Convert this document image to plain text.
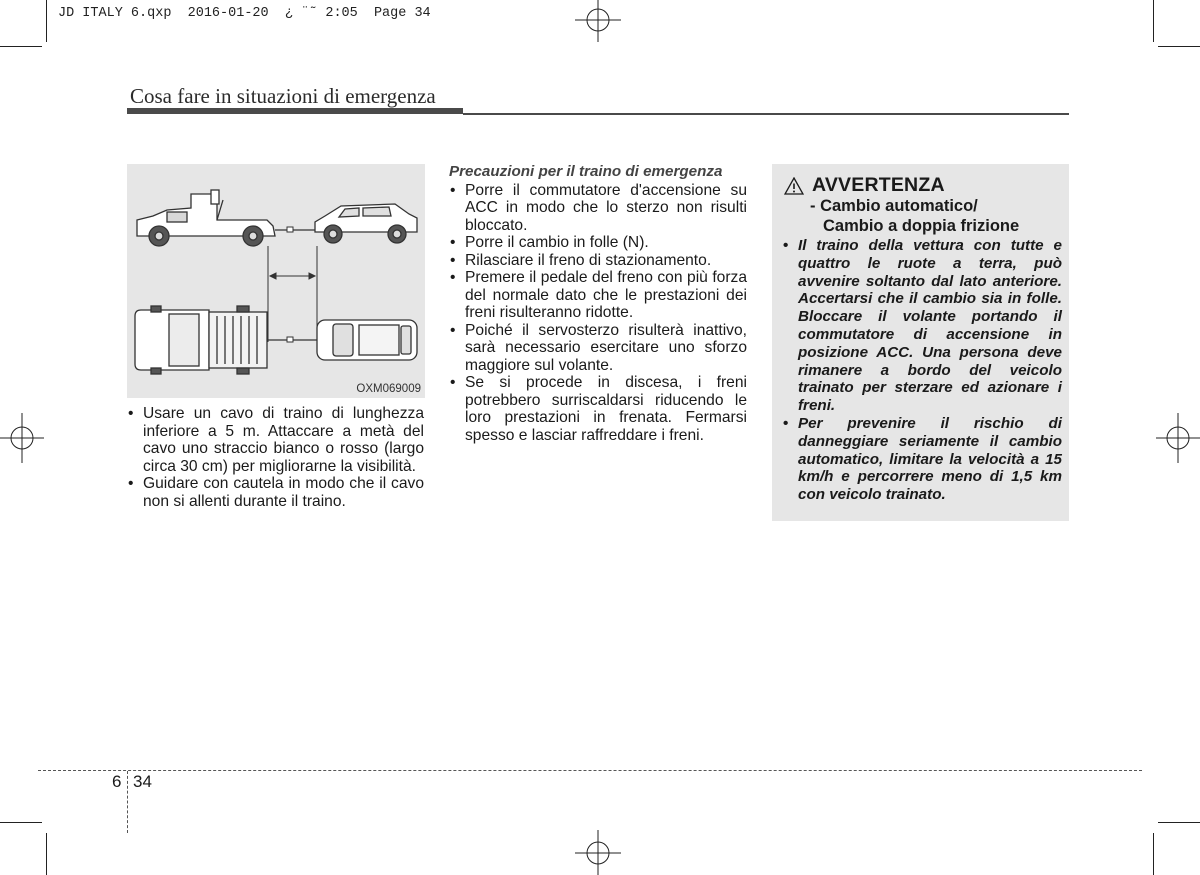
JD ITALY 6.qxp  2016-01-20  ¿ ¨˜ 2:05  Page 34
Cosa fare in situazioni di emergenza
OXM069009
• Usare un cavo di traino di lunghezza inferiore a 5 m. Attaccare a metà del cavo uno straccio bianco o rosso (largo circa 30 cm) per migliorarne la visibilità.
• Guidare con cautela in modo che il cavo non si allenti durante il traino.
Precauzioni per il traino di emergenza
• Porre il commutatore d'accensione su ACC in modo che lo sterzo non risulti bloccato.
• Porre il cambio in folle (N).
• Rilasciare il freno di stazionamento.
• Premere il pedale del freno con più forza del normale dato che le prestazioni dei freni risulteranno ridotte.
• Poiché il servosterzo risulterà inattivo, sarà necessario esercitare uno sforzo maggiore sul volante.
• Se si procede in discesa, i freni potrebbero surriscaldarsi riducendo le loro prestazioni in frenata. Fermarsi spesso e lasciar raffreddare i freni.
AVVERTENZA
- Cambio automatico/
Cambio a doppia frizione
• Il traino della vettura con tutte e quattro le ruote a terra, può avvenire soltanto dal lato anteriore. Accertarsi che il cambio sia in folle. Bloccare il volante portando il commutatore di accensione in posizione ACC. Una persona deve rimanere a bordo del veicolo trainato per sterzare ed azionare i freni.
• Per prevenire il rischio di danneggiare seriamente il cambio automatico, limitare la velocità a 15 km/h e percorrere meno di 1,5 km con veicolo trainato.
6 34
